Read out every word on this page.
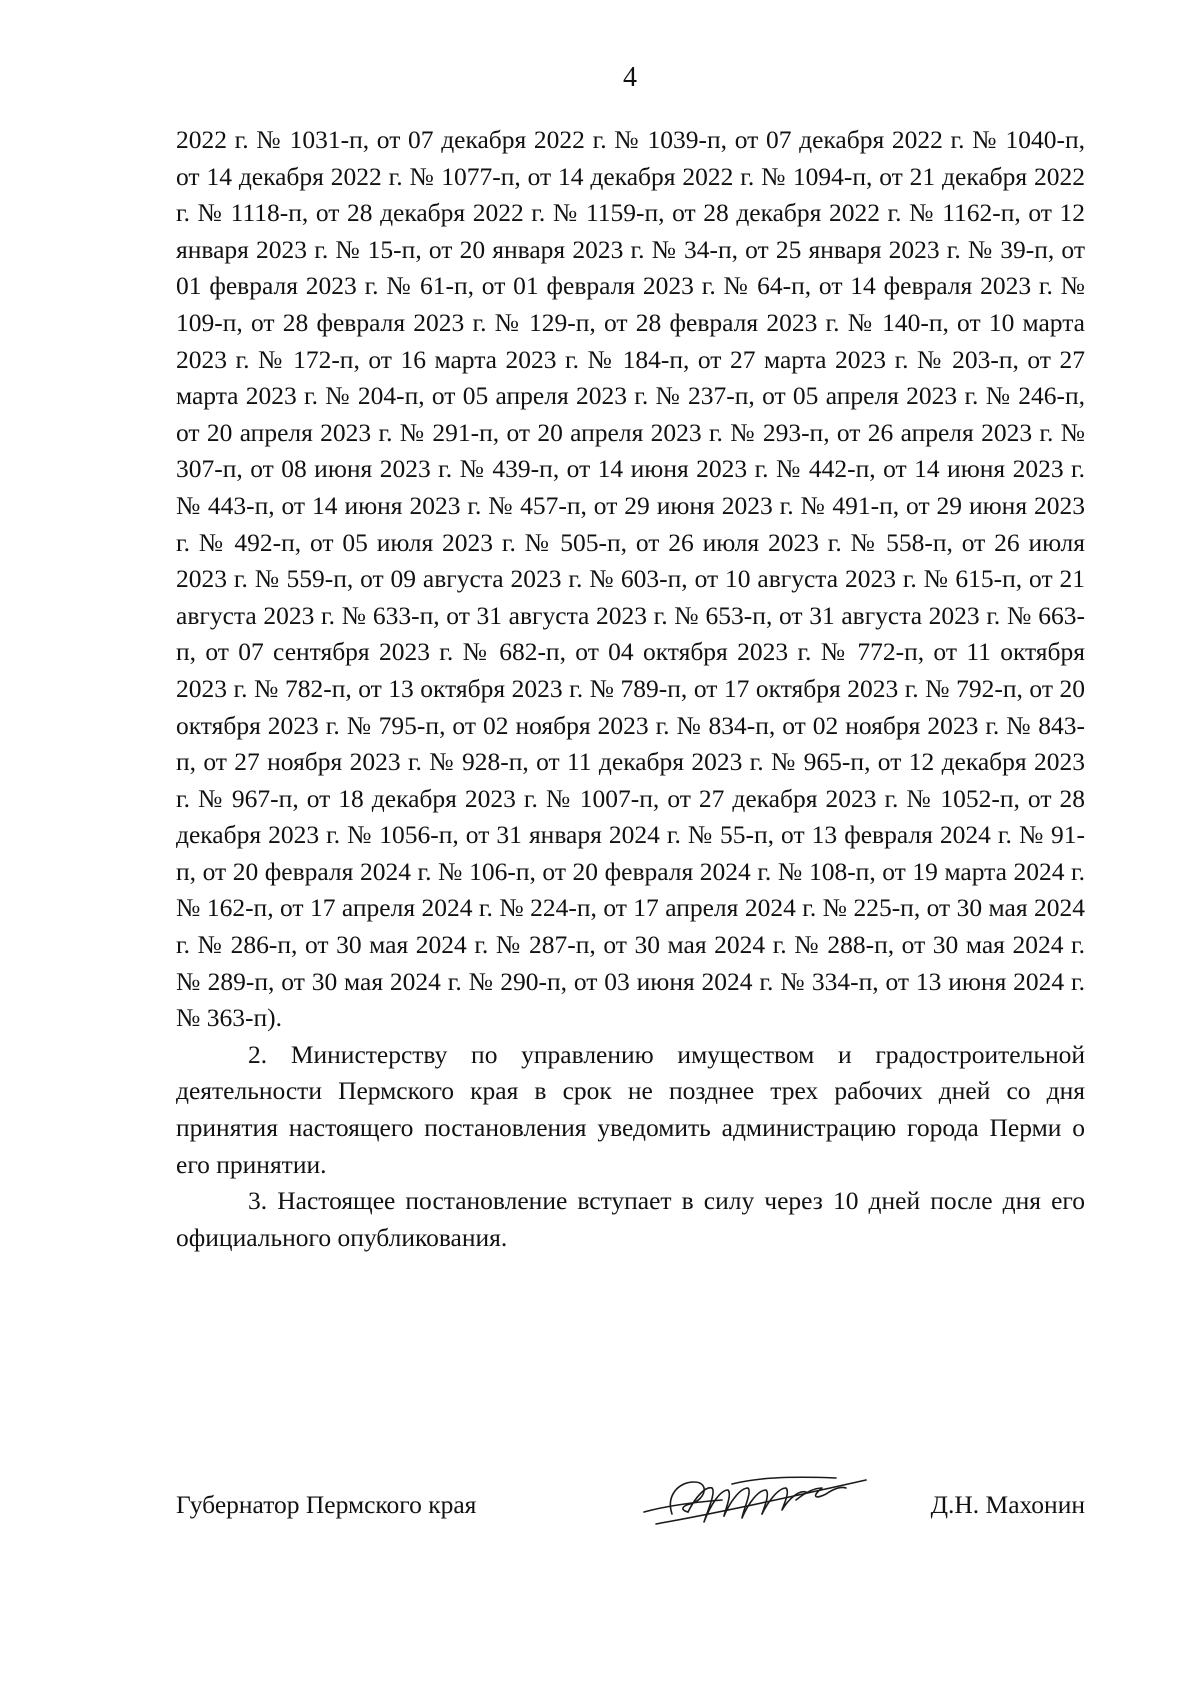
4

2022 г. № 1031-п, от 07 декабря 2022 г. № 1039-п, от 07 декабря 2022 г. № 1040-п, от 14 декабря 2022 г. № 1077-п, от 14 декабря 2022 г. № 1094-п, от 21 декабря 2022 г. № 1118-п, от 28 декабря 2022 г. № 1159-п, от 28 декабря 2022 г. № 1162-п, от 12 января 2023 г. № 15-п, от 20 января 2023 г. № 34-п, от 25 января 2023 г. № 39-п, от 01 февраля 2023 г. № 61-п, от 01 февраля 2023 г. № 64-п, от 14 февраля 2023 г. № 109-п, от 28 февраля 2023 г. № 129-п, от 28 февраля 2023 г. № 140-п, от 10 марта 2023 г. № 172-п, от 16 марта 2023 г. № 184-п, от 27 марта 2023 г. № 203-п, от 27 марта 2023 г. № 204-п, от 05 апреля 2023 г. № 237-п, от 05 апреля 2023 г. № 246-п, от 20 апреля 2023 г. № 291-п, от 20 апреля 2023 г. № 293-п, от 26 апреля 2023 г. № 307-п, от 08 июня 2023 г. № 439-п, от 14 июня 2023 г. № 442-п, от 14 июня 2023 г. № 443-п, от 14 июня 2023 г. № 457-п, от 29 июня 2023 г. № 491-п, от 29 июня 2023 г. № 492-п, от 05 июля 2023 г. № 505-п, от 26 июля 2023 г. № 558-п, от 26 июля 2023 г. № 559-п, от 09 августа 2023 г. № 603-п, от 10 августа 2023 г. № 615-п, от 21 августа 2023 г. № 633-п, от 31 августа 2023 г. № 653-п, от 31 августа 2023 г. № 663-п, от 07 сентября 2023 г. № 682-п, от 04 октября 2023 г. № 772-п, от 11 октября 2023 г. № 782-п, от 13 октября 2023 г. № 789-п, от 17 октября 2023 г. № 792-п, от 20 октября 2023 г. № 795-п, от 02 ноября 2023 г. № 834-п, от 02 ноября 2023 г. № 843-п, от 27 ноября 2023 г. № 928-п, от 11 декабря 2023 г. № 965-п, от 12 декабря 2023 г. № 967-п, от 18 декабря 2023 г. № 1007-п, от 27 декабря 2023 г. № 1052-п, от 28 декабря 2023 г. № 1056-п, от 31 января 2024 г. № 55-п, от 13 февраля 2024 г. № 91-п, от 20 февраля 2024 г. № 106-п, от 20 февраля 2024 г. № 108-п, от 19 марта 2024 г. № 162-п, от 17 апреля 2024 г. № 224-п, от 17 апреля 2024 г. № 225-п, от 30 мая 2024 г. № 286-п, от 30 мая 2024 г. № 287-п, от 30 мая 2024 г. № 288-п, от 30 мая 2024 г. № 289-п, от 30 мая 2024 г. № 290-п, от 03 июня 2024 г. № 334-п, от 13 июня 2024 г. № 363-п).

2. Министерству по управлению имуществом и градостроительной деятельности Пермского края в срок не позднее трех рабочих дней со дня принятия настоящего постановления уведомить администрацию города Перми о его принятии.

3. Настоящее постановление вступает в силу через 10 дней после дня его официального опубликования.

Губернатор Пермского края	Д.Н. Махонин
